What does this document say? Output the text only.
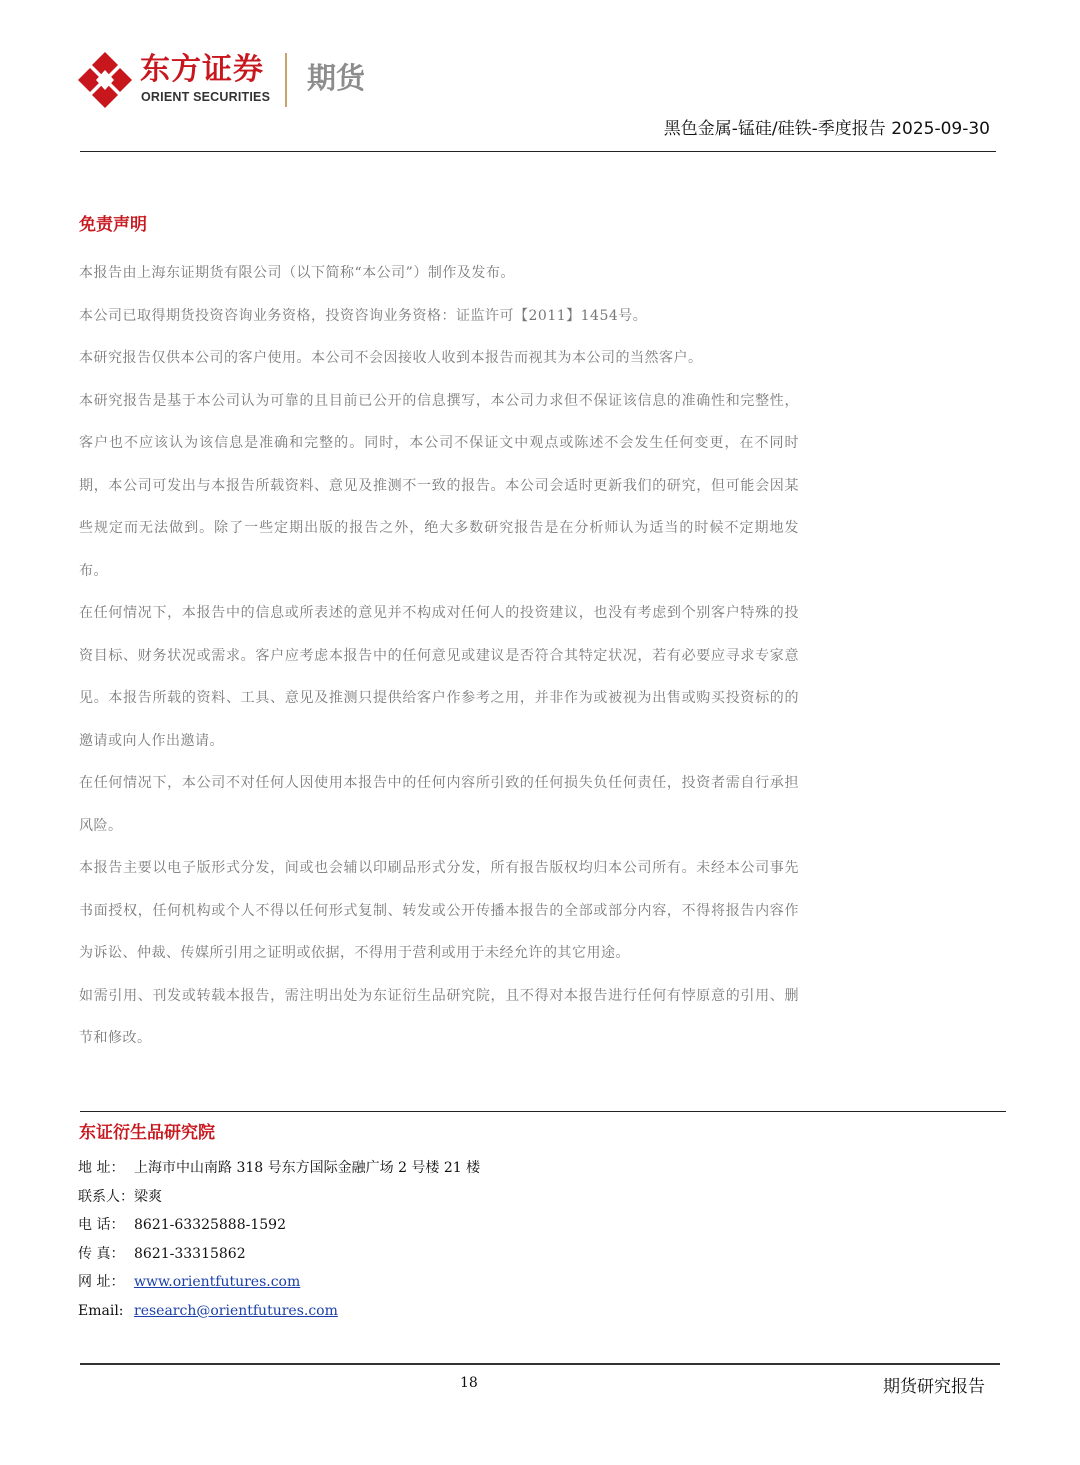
东方证券
ORIENT SECURITIES
期货
黑色金属-锰硅/硅铁-季度报告 2025-09-30
免责声明

本报告由上海东证期货有限公司（以下简称“本公司”）制作及发布。

本公司已取得期货投资咨询业务资格，投资咨询业务资格：证监许可【2011】1454号。

本研究报告仅供本公司的客户使用。本公司不会因接收人收到本报告而视其为本公司的当然客户。

本研究报告是基于本公司认为可靠的且目前已公开的信息撰写，本公司力求但不保证该信息的准确性和完整性，客户也不应该认为该信息是准确和完整的。同时，本公司不保证文中观点或陈述不会发生任何变更，在不同时期，本公司可发出与本报告所载资料、意见及推测不一致的报告。本公司会适时更新我们的研究，但可能会因某些规定而无法做到。除了一些定期出版的报告之外，绝大多数研究报告是在分析师认为适当的时候不定期地发布。

在任何情况下，本报告中的信息或所表述的意见并不构成对任何人的投资建议，也没有考虑到个别客户特殊的投资目标、财务状况或需求。客户应考虑本报告中的任何意见或建议是否符合其特定状况，若有必要应寻求专家意见。本报告所载的资料、工具、意见及推测只提供给客户作参考之用，并非作为或被视为出售或购买投资标的的邀请或向人作出邀请。

在任何情况下，本公司不对任何人因使用本报告中的任何内容所引致的任何损失负任何责任，投资者需自行承担风险。

本报告主要以电子版形式分发，间或也会辅以印刷品形式分发，所有报告版权均归本公司所有。未经本公司事先书面授权，任何机构或个人不得以任何形式复制、转发或公开传播本报告的全部或部分内容，不得将报告内容作为诉讼、仲裁、传媒所引用之证明或依据，不得用于营利或用于未经允许的其它用途。

如需引用、刊发或转载本报告，需注明出处为东证衍生品研究院，且不得对本报告进行任何有悖原意的引用、删节和修改。

东证衍生品研究院
地 址： 上海市中山南路 318 号东方国际金融广场 2 号楼 21 楼
联系人：梁爽
电 话： 8621-63325888-1592
传 真： 8621-33315862
网 址： www.orientfutures.com
Email: research@orientfutures.com
18	期货研究报告
